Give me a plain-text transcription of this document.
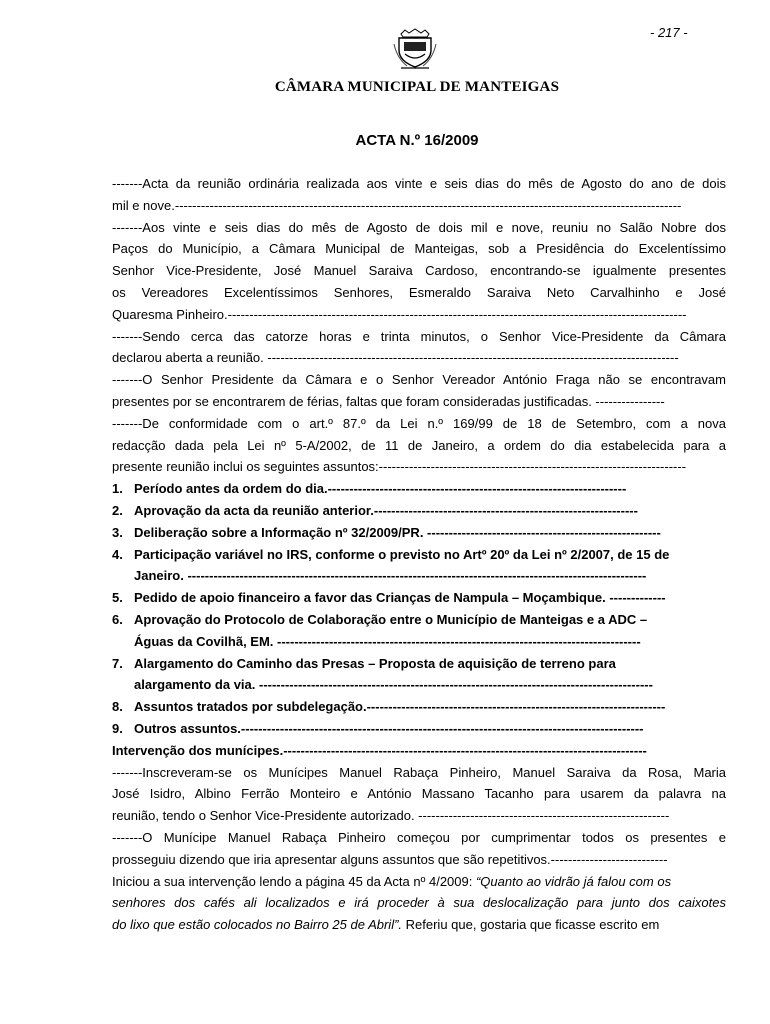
- 217 -
CÂMARA MUNICIPAL DE MANTEIGAS
ACTA N.º 16/2009
-------Acta da reunião ordinária realizada aos vinte e seis dias do mês de Agosto do ano de dois
mil e nove.---------------------------------------------------------------------------------------------------------------------
-------Aos vinte e seis dias do mês de Agosto de dois mil e nove, reuniu no Salão Nobre dos
Paços do Município, a Câmara Municipal de Manteigas, sob a Presidência do Excelentíssimo
Senhor Vice-Presidente, José Manuel Saraiva Cardoso, encontrando-se igualmente presentes
os Vereadores Excelentíssimos Senhores, Esmeraldo Saraiva Neto Carvalhinho e José
Quaresma Pinheiro.----------------------------------------------------------------------------------------------------------
-------Sendo cerca das catorze horas e trinta minutos, o Senhor Vice-Presidente da Câmara
declarou aberta a reunião. -----------------------------------------------------------------------------------------------
-------O Senhor Presidente da Câmara e o Senhor Vereador António Fraga não se encontravam
presentes por se encontrarem de férias, faltas que foram consideradas justificadas. ----------------
-------De conformidade com o art.º 87.º da Lei n.º 169/99 de 18 de Setembro, com a nova
redacção dada pela Lei nº 5-A/2002, de 11 de Janeiro, a ordem do dia estabelecida para a
presente reunião inclui os seguintes assuntos:-----------------------------------------------------------------------
1. Período antes da ordem do dia.---------------------------------------------------------------------
2. Aprovação da acta da reunião anterior.-------------------------------------------------------------
3. Deliberação sobre a Informação nº 32/2009/PR. ------------------------------------------------------
4. Participação variável no IRS, conforme o previsto no Artº 20º da Lei nº 2/2007, de 15 de
Janeiro. ----------------------------------------------------------------------------------------------------------
5. Pedido de apoio financeiro a favor das Crianças de Nampula – Moçambique. -------------
6. Aprovação do Protocolo de Colaboração entre o Município de Manteigas e a ADC –
Águas da Covilhã, EM. ------------------------------------------------------------------------------------
7. Alargamento do Caminho das Presas – Proposta de aquisição de terreno para
alargamento da via. -------------------------------------------------------------------------------------------
8. Assuntos tratados por subdelegação.---------------------------------------------------------------------
9. Outros assuntos.---------------------------------------------------------------------------------------------
Intervenção dos munícipes.------------------------------------------------------------------------------------
-------Inscreveram-se os Munícipes Manuel Rabaça Pinheiro, Manuel Saraiva da Rosa, Maria
José Isidro, Albino Ferrão Monteiro e António Massano Tacanho para usarem da palavra na
reunião, tendo o Senhor Vice-Presidente autorizado. ----------------------------------------------------------
-------O Munícipe Manuel Rabaça Pinheiro começou por cumprimentar todos os presentes e
prosseguiu dizendo que iria apresentar alguns assuntos que são repetitivos.---------------------------
Iniciou a sua intervenção lendo a página 45 da Acta nº 4/2009: “Quanto ao vidrão já falou com os
senhores dos cafés ali localizados e irá proceder à sua deslocalização para junto dos caixotes
do lixo que estão colocados no Bairro 25 de Abril”. Referiu que, gostaria que ficasse escrito em
